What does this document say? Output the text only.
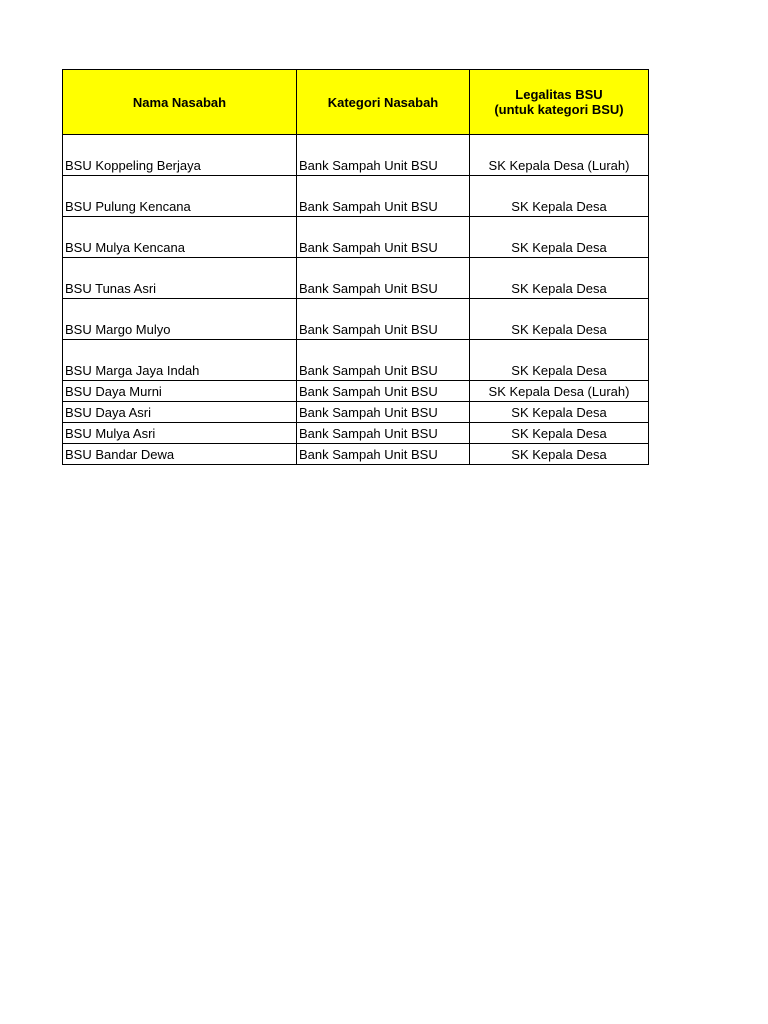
Nama Nasabah	Kategori Nasabah	Legalitas BSU
(untuk kategori BSU)

BSU Koppeling Berjaya	Bank Sampah Unit BSU	SK Kepala Desa (Lurah)
BSU Pulung Kencana	Bank Sampah Unit BSU	SK Kepala Desa
BSU Mulya Kencana	Bank Sampah Unit BSU	SK Kepala Desa
BSU Tunas Asri	Bank Sampah Unit BSU	SK Kepala Desa
BSU Margo Mulyo	Bank Sampah Unit BSU	SK Kepala Desa
BSU Marga Jaya Indah	Bank Sampah Unit BSU	SK Kepala Desa
BSU Daya Murni	Bank Sampah Unit BSU	SK Kepala Desa (Lurah)
BSU Daya Asri	Bank Sampah Unit BSU	SK Kepala Desa
BSU Mulya Asri	Bank Sampah Unit BSU	SK Kepala Desa
BSU Bandar Dewa	Bank Sampah Unit BSU	SK Kepala Desa
